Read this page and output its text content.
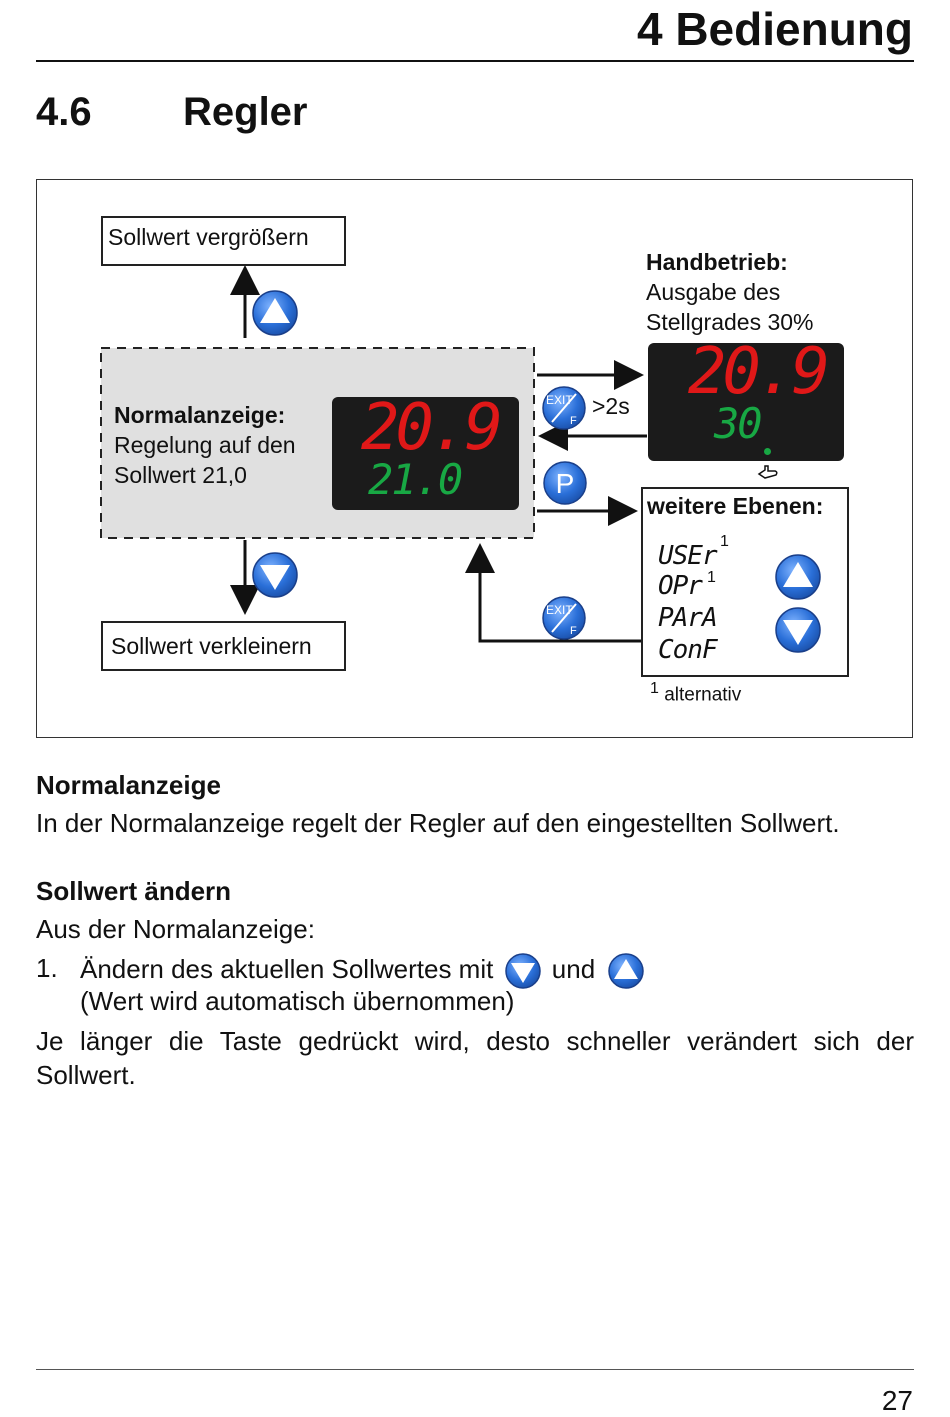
4 Bedienung
4.6 Regler
Sollwert vergrößern
Sollwert verkleinern
Normalanzeige:
Regelung auf den
Sollwert 21,0
20.9
21.0
EXIT
F
>2s
P
EXIT
F
Handbetrieb:
Ausgabe des
Stellgrades 30%
20.9
30
weitere Ebenen:
USEr 1
OPr 1
PArA
ConF
$^1$ alternativ
Normalanzeige
In der Normalanzeige regelt der Regler auf den eingestellten Sollwert.
Sollwert ändern
Aus der Normalanzeige:
1. Ändern des aktuellen Sollwertes mit und
(Wert wird automatisch übernommen)
Je länger die Taste gedrückt wird, desto schneller verändert sich der Sollwert.
27
